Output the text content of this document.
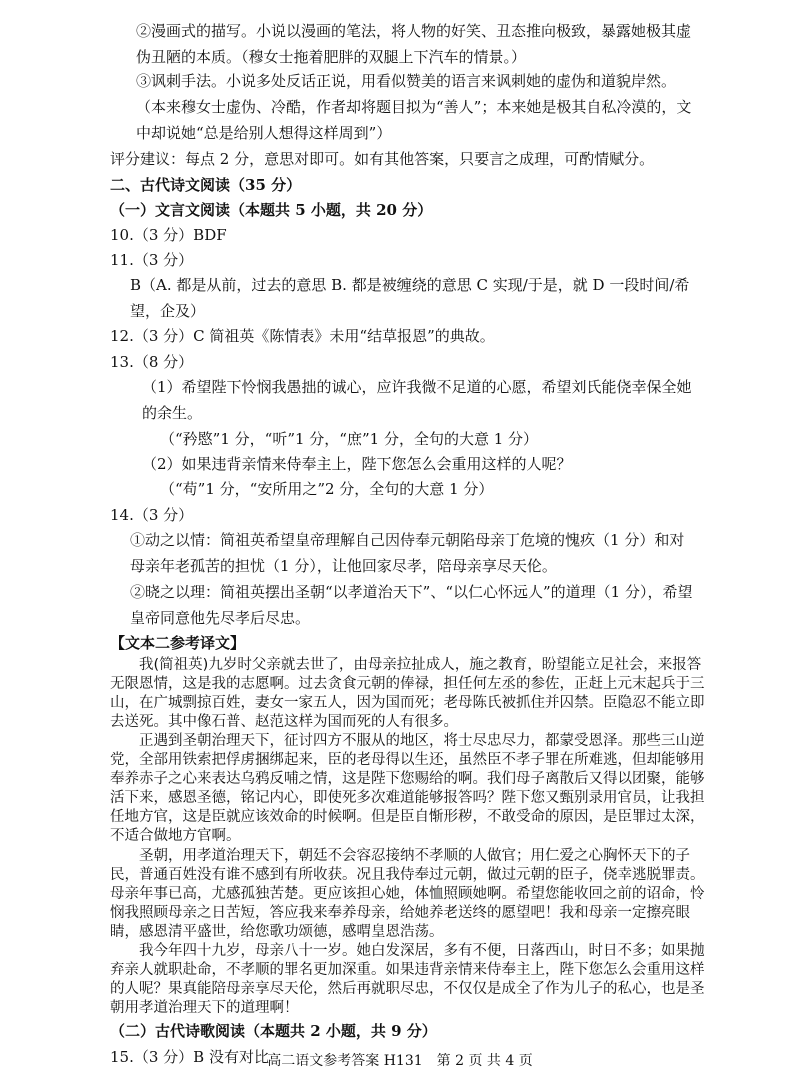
②漫画式的描写。小说以漫画的笔法，将人物的好笑、丑态推向极致，暴露她极其虚伪丑陋的本质。（穆女士拖着肥胖的双腿上下汽车的情景。）
③讽刺手法。小说多处反话正说，用看似赞美的语言来讽刺她的虚伪和道貌岸然。（本来穆女士虚伪、冷酷，作者却将题目拟为“善人”；本来她是极其自私冷漠的，文中却说她“总是给别人想得这样周到”）
评分建议：每点 2 分，意思对即可。如有其他答案，只要言之成理，可酌情赋分。
二、古代诗文阅读（35 分）
（一）文言文阅读（本题共 5 小题，共 20 分）
10.（3 分）BDF
11.（3 分）
B（A. 都是从前，过去的意思 B. 都是被缠绕的意思 C 实现/于是，就 D 一段时间/希望，企及）
12.（3 分）C 简祖英《陈情表》未用“结草报恩”的典故。
13.（8 分）
（1）希望陛下怜悯我愚拙的诚心，应许我微不足道的心愿，希望刘氏能侥幸保全她的余生。
（“矜愍”1 分，“听”1 分，“庶”1 分，全句的大意 1 分）
（2）如果违背亲情来侍奉主上，陛下您怎么会重用这样的人呢？
（“苟”1 分，“安所用之”2 分，全句的大意 1 分）
14.（3 分）
①动之以情：简祖英希望皇帝理解自己因侍奉元朝陷母亲丁危境的愧疚（1 分）和对母亲年老孤苦的担忧（1 分），让他回家尽孝，陪母亲享尽天伦。
②晓之以理：简祖英摆出圣朝“以孝道治天下”、“以仁心怀远人”的道理（1 分），希望皇帝同意他先尽孝后尽忠。
【文本二参考译文】
我(简祖英)九岁时父亲就去世了，由母亲拉扯成人，施之教育，盼望能立足社会，来报答无限恩情，这是我的志愿啊。过去贪食元朝的俸禄，担任何左丞的参佐，正赶上元末起兵于三山，在广城剽掠百姓，妻女一家五人，因为国而死；老母陈氏被抓住并囚禁。臣隐忍不能立即去送死。其中像石普、赵范这样为国而死的人有很多。
正遇到圣朝治理天下，征讨四方不服从的地区，将士尽忠尽力，都蒙受恩泽。那些三山逆党，全部用铁索把俘虏捆绑起来，臣的老母得以生还，虽然臣不孝子罪在所难逃，但却能够用奉养赤子之心来表达乌鸦反哺之情，这是陛下您赐给的啊。我们母子离散后又得以团聚，能够活下来，感恩圣德，铭记内心，即使死多次难道能够报答吗？陛下您又甄别录用官员，让我担任地方官，这是臣就应该效命的时候啊。但是臣自惭形秽，不敢受命的原因，是臣罪过太深，不适合做地方官啊。
圣朝，用孝道治理天下，朝廷不会容忍接纳不孝顺的人做官；用仁爱之心胸怀天下的子民，普通百姓没有谁不感到有所收获。况且我侍奉过元朝，做过元朝的臣子，侥幸逃脱罪责。母亲年事已高，尤感孤独苦楚。更应该担心她，体恤照顾她啊。希望您能收回之前的诏命，怜悯我照顾母亲之日苦短，答应我来奉养母亲，给她养老送终的愿望吧！我和母亲一定擦亮眼睛，感恩清平盛世，给您歌功颂德，感喟皇恩浩荡。
我今年四十九岁，母亲八十一岁。她白发深居，多有不便，日落西山，时日不多；如果抛弃亲人就职赴命，不孝顺的罪名更加深重。如果违背亲情来侍奉主上，陛下您怎么会重用这样的人呢？果真能陪母亲享尽天伦，然后再就职尽忠，不仅仅是成全了作为儿子的私心，也是圣朝用孝道治理天下的道理啊！
（二）古代诗歌阅读（本题共 2 小题，共 9 分）
15.（3 分）B 没有对比
高二语文参考答案 H131　第 2 页 共 4 页
